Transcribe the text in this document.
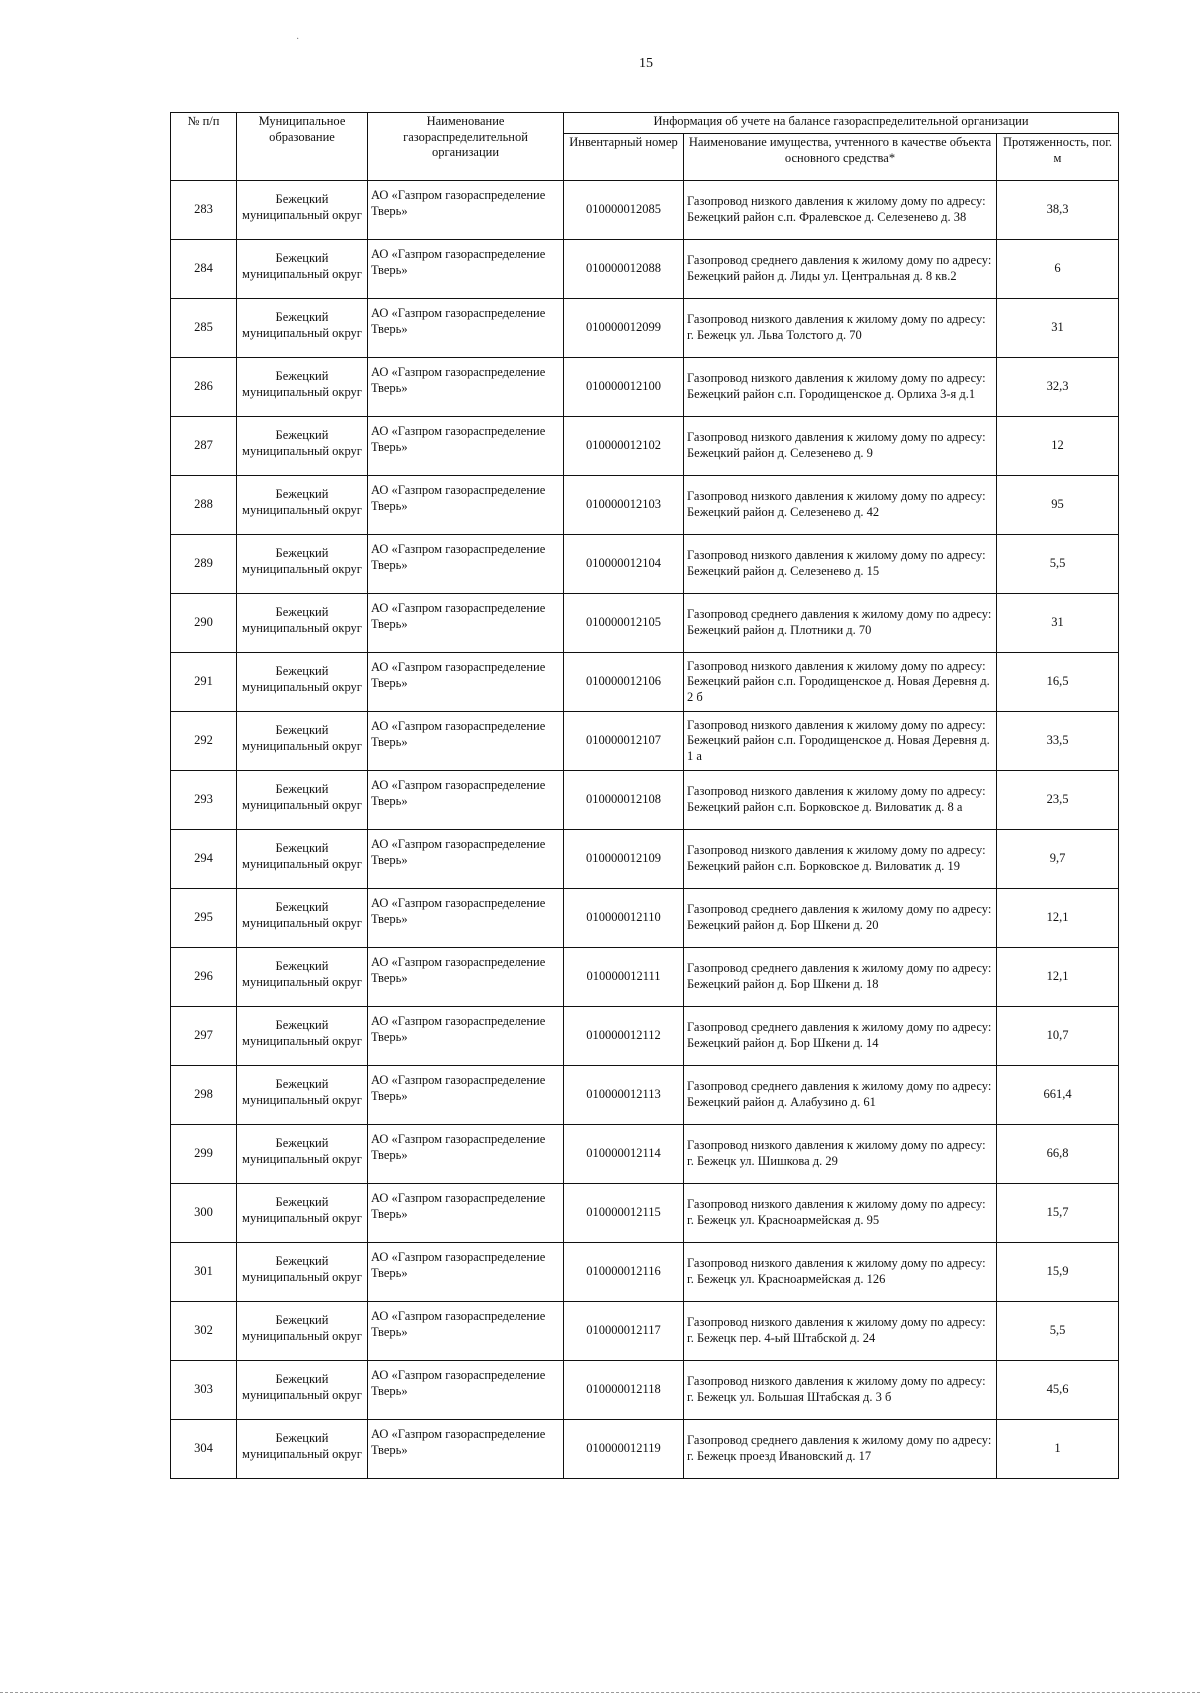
15
№ п/п	Муниципальное образование	Наименование газораспределительной организации	Информация об учете на балансе газораспределительной организации		
			Инвентарный номер	Наименование имущества, учтенного в качестве объекта основного средства*	Протяженность, пог. м

283	Бежецкий муниципальный округ	АО «Газпром газораспределение Тверь»	010000012085	Газопровод низкого давления к жилому дому по адресу: Бежецкий район с.п. Фралевское д. Селезенево д. 38	38,3

284	Бежецкий муниципальный округ	АО «Газпром газораспределение Тверь»	010000012088	Газопровод среднего давления к жилому дому по адресу: Бежецкий район д. Лиды ул. Центральная д. 8 кв.2	6

285	Бежецкий муниципальный округ	АО «Газпром газораспределение Тверь»	010000012099	Газопровод низкого давления к жилому дому по адресу: г. Бежецк ул. Льва Толстого д. 70	31

286	Бежецкий муниципальный округ	АО «Газпром газораспределение Тверь»	010000012100	Газопровод низкого давления к жилому дому по адресу: Бежецкий район с.п. Городищенское д. Орлиха 3-я д.1	32,3

287	Бежецкий муниципальный округ	АО «Газпром газораспределение Тверь»	010000012102	Газопровод низкого давления к жилому дому по адресу: Бежецкий район д. Селезенево д. 9	12

288	Бежецкий муниципальный округ	АО «Газпром газораспределение Тверь»	010000012103	Газопровод низкого давления к жилому дому по адресу: Бежецкий район д. Селезенево д. 42	95

289	Бежецкий муниципальный округ	АО «Газпром газораспределение Тверь»	010000012104	Газопровод низкого давления к жилому дому по адресу: Бежецкий район д. Селезенево д. 15	5,5

290	Бежецкий муниципальный округ	АО «Газпром газораспределение Тверь»	010000012105	Газопровод среднего давления к жилому дому по адресу: Бежецкий район д. Плотники д. 70	31

291	Бежецкий муниципальный округ	АО «Газпром газораспределение Тверь»	010000012106	Газопровод низкого давления к жилому дому по адресу: Бежецкий район с.п. Городищенское д. Новая Деревня д. 2 б	16,5

292	Бежецкий муниципальный округ	АО «Газпром газораспределение Тверь»	010000012107	Газопровод низкого давления к жилому дому по адресу: Бежецкий район с.п. Городищенское д. Новая Деревня д. 1 а	33,5

293	Бежецкий муниципальный округ	АО «Газпром газораспределение Тверь»	010000012108	Газопровод низкого давления к жилому дому по адресу: Бежецкий район с.п. Борковское д. Виловатик д. 8 а	23,5

294	Бежецкий муниципальный округ	АО «Газпром газораспределение Тверь»	010000012109	Газопровод низкого давления к жилому дому по адресу: Бежецкий район с.п. Борковское д. Виловатик д. 19	9,7

295	Бежецкий муниципальный округ	АО «Газпром газораспределение Тверь»	010000012110	Газопровод среднего давления к жилому дому по адресу: Бежецкий район д. Бор Шкени д. 20	12,1

296	Бежецкий муниципальный округ	АО «Газпром газораспределение Тверь»	010000012111	Газопровод среднего давления к жилому дому по адресу: Бежецкий район д. Бор Шкени д. 18	12,1

297	Бежецкий муниципальный округ	АО «Газпром газораспределение Тверь»	010000012112	Газопровод среднего давления к жилому дому по адресу: Бежецкий район д. Бор Шкени д. 14	10,7

298	Бежецкий муниципальный округ	АО «Газпром газораспределение Тверь»	010000012113	Газопровод среднего давления к жилому дому по адресу: Бежецкий район д. Алабузино д. 61	661,4

299	Бежецкий муниципальный округ	АО «Газпром газораспределение Тверь»	010000012114	Газопровод низкого давления к жилому дому по адресу: г. Бежецк ул. Шишкова д. 29	66,8

300	Бежецкий муниципальный округ	АО «Газпром газораспределение Тверь»	010000012115	Газопровод низкого давления к жилому дому по адресу: г. Бежецк ул. Красноармейская д. 95	15,7

301	Бежецкий муниципальный округ	АО «Газпром газораспределение Тверь»	010000012116	Газопровод низкого давления к жилому дому по адресу: г. Бежецк ул. Красноармейская д. 126	15,9

302	Бежецкий муниципальный округ	АО «Газпром газораспределение Тверь»	010000012117	Газопровод низкого давления к жилому дому по адресу: г. Бежецк пер. 4-ый Штабской д. 24	5,5

303	Бежецкий муниципальный округ	АО «Газпром газораспределение Тверь»	010000012118	Газопровод низкого давления к жилому дому по адресу: г. Бежецк ул. Большая Штабская д. 3 б	45,6

304	Бежецкий муниципальный округ	АО «Газпром газораспределение Тверь»	010000012119	Газопровод среднего давления к жилому дому по адресу: г. Бежецк проезд Ивановский д. 17	1
·
